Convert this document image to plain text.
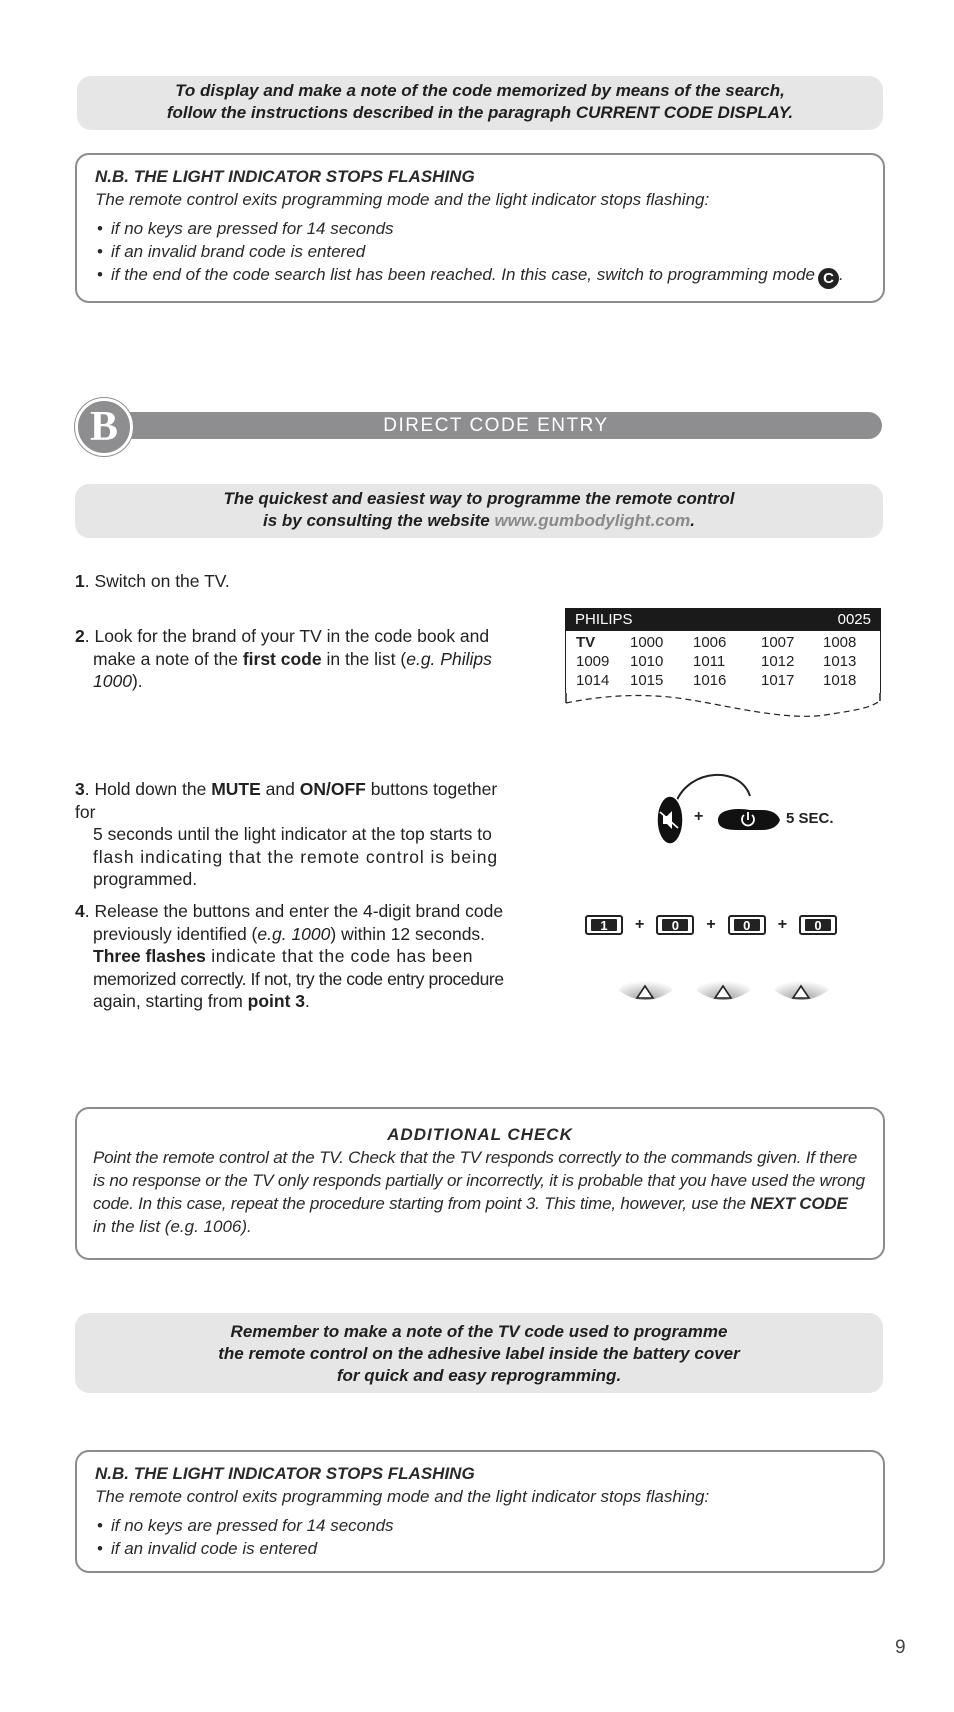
To display and make a note of the code memorized by means of the search,
follow the instructions described in the paragraph CURRENT CODE DISPLAY.
N.B. THE LIGHT INDICATOR STOPS FLASHING
The remote control exits programming mode and the light indicator stops flashing:
• if no keys are pressed for 14 seconds
• if an invalid brand code is entered
• if the end of the code search list has been reached. In this case, switch to programming mode C .
DIRECT CODE ENTRY
B
The quickest and easiest way to programme the remote control
is by consulting the website www.gumbodylight.com.
1. Switch on the TV.
2. Look for the brand of your TV in the code book and
make a note of the first code in the list (e.g. Philips
1000).
PHILIPS	0025
TV	1000	1006	1007	1008
1009	1010	1011	1012	1013
1014	1015	1016	1017	1018
3. Hold down the MUTE and ON/OFF buttons together for
5 seconds until the light indicator at the top starts to
flash indicating that the remote control is being
programmed.
+	5 SEC.
4. Release the buttons and enter the 4-digit brand code
previously identified (e.g. 1000) within 12 seconds.
Three flashes indicate that the code has been
memorized correctly. If not, try the code entry procedure
again, starting from point 3.
1	+	0	+	0	+	0
ADDITIONAL CHECK
Point the remote control at the TV. Check that the TV responds correctly to the commands given. If there
is no response or the TV only responds partially or incorrectly, it is probable that you have used the wrong
code. In this case, repeat the procedure starting from point 3. This time, however, use the NEXT CODE
in the list (e.g. 1006).
Remember to make a note of the TV code used to programme
the remote control on the adhesive label inside the battery cover
for quick and easy reprogramming.
N.B. THE LIGHT INDICATOR STOPS FLASHING
The remote control exits programming mode and the light indicator stops flashing:
• if no keys are pressed for 14 seconds
• if an invalid code is entered
9
